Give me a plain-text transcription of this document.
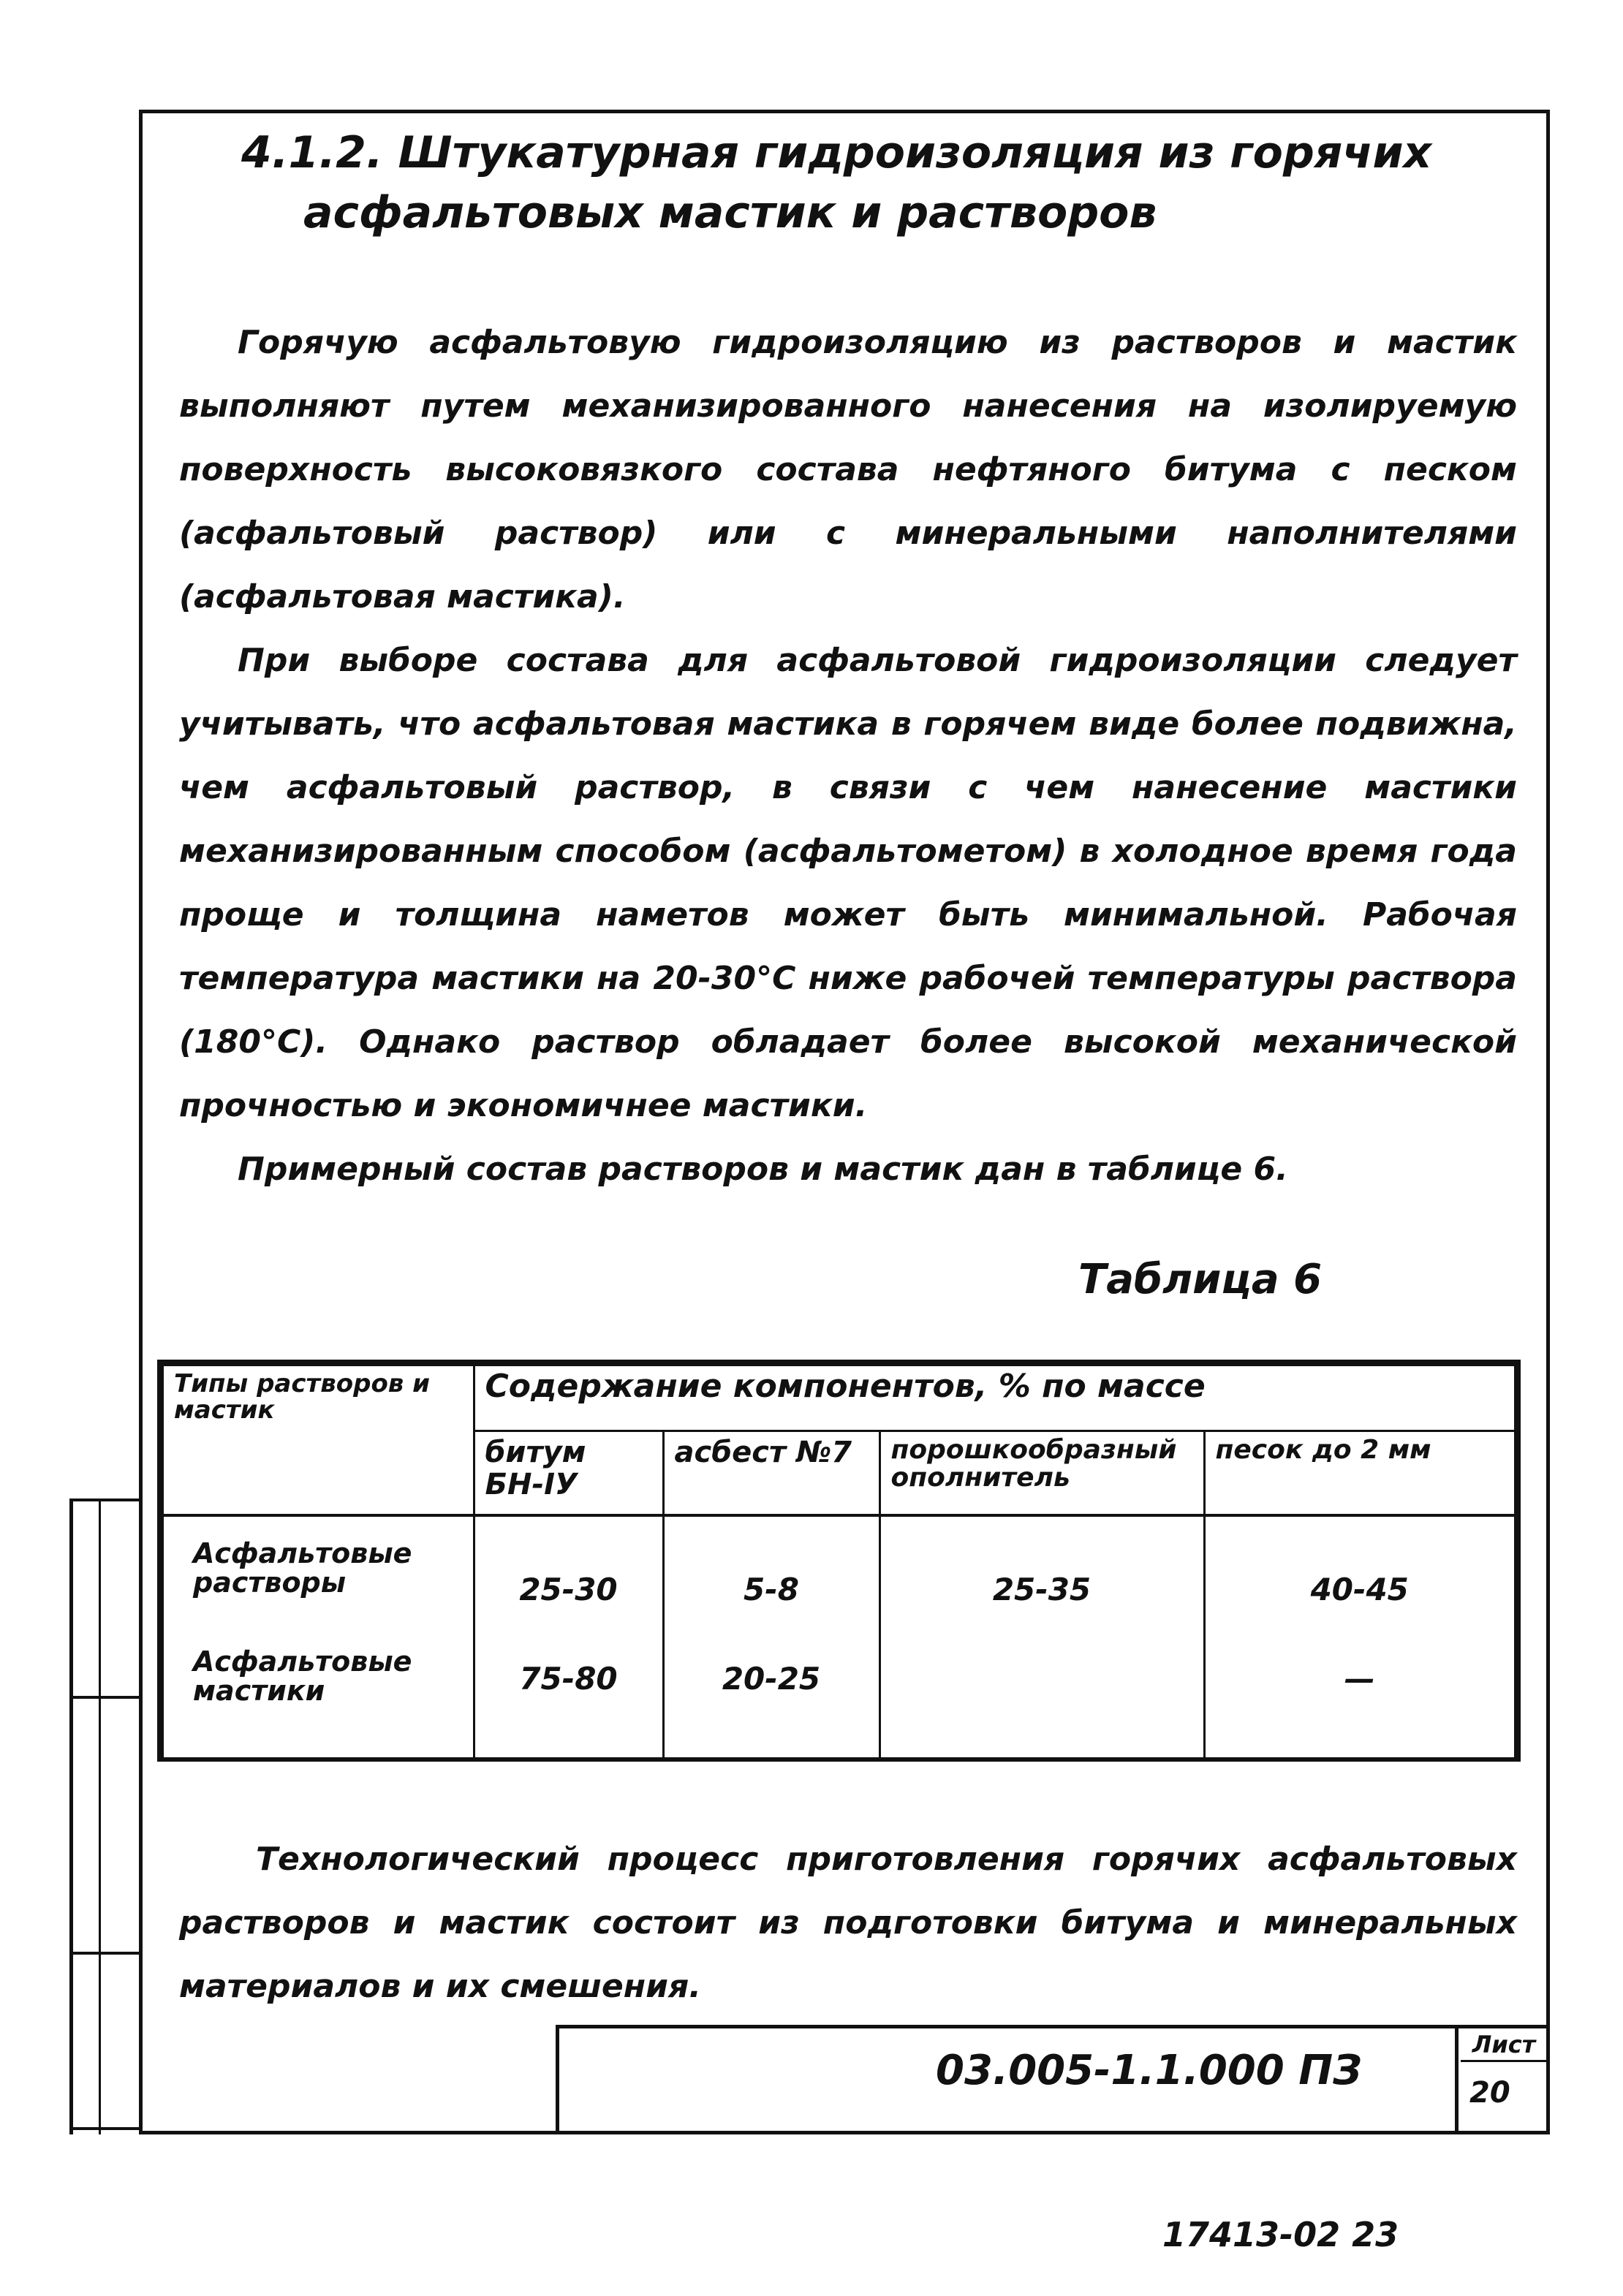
4.1.2. Штукатурная гидроизоляция из горячих
асфальтовых мастик и растворов

Горячую асфальтовую гидроизоляцию из растворов и мастик выполняют путем механизированного нанесения на изолируемую поверхность высоковязкого состава нефтяного битума с песком (асфальтовый раствор) или с минеральными наполнителями (асфальтовая мастика).

При выборе состава для асфальтовой гидроизоляции следует учитывать, что асфальтовая мастика в горячем виде более подвижна, чем асфальтовый раствор, в связи с чем нанесение мастики механизированным способом (асфальтометом) в холодное время года проще и толщина наметов может быть минимальной. Рабочая температура мастики на 20-30°С ниже рабочей температуры раствора (180°С). Однако раствор обладает более высокой механической прочностью и экономичнее мастики.

Примерный состав растворов и мастик дан в таблице 6.

Таблица 6
Типы растворов и мастик	Содержание компонентов, % по массе			
	битум БН-IУ	асбест №7	порошкообразный ополнитель	песок до 2 мм
Асфальтовые растворы	25-30	5-8	25-35	40-45
Асфальтовые мастики	75-80	20-25		—

Технологический процесс приготовления горячих асфальтовых растворов и мастик состоит из подготовки битума и минеральных материалов и их смешения.

03.005-1.1.000 ПЗ
Лист
20
17413-02 23
